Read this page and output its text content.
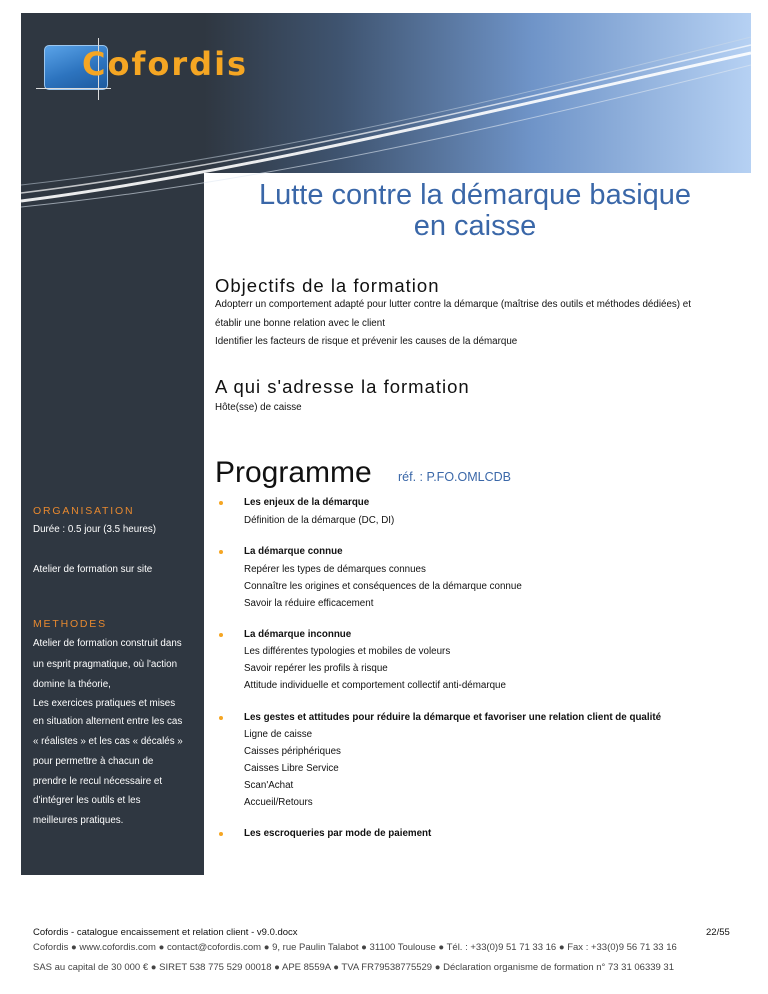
Cofordis
Lutte contre la démarque basique
en caisse
Objectifs de la formation
Adopterr un comportement adapté pour lutter contre la démarque (maîtrise des outils et méthodes dédiées) et
établir une bonne relation avec le client
Identifier les facteurs de risque et prévenir les causes de la démarque
A qui s'adresse la formation
Hôte(sse) de caisse
Programme réf. : P.FO.OMLCDB
Les enjeux de la démarque
Définition de la démarque (DC, DI)
La démarque connue
Repérer les types de démarques connues
Connaître les origines et conséquences de la démarque connue
Savoir la réduire efficacement
La démarque inconnue
Les différentes typologies et mobiles de voleurs
Savoir repérer les profils à risque
Attitude individuelle et comportement collectif anti-démarque
Les gestes et attitudes pour réduire la démarque et favoriser une relation client de qualité
Ligne de caisse
Caisses périphériques
Caisses Libre Service
Scan'Achat
Accueil/Retours
Les escroqueries par mode de paiement
ORGANISATION
Durée : 0.5 jour (3.5 heures)
Atelier de formation sur site
METHODES
Atelier de formation construit dans
un esprit pragmatique, où l'action
domine la théorie,
Les exercices pratiques et mises
en situation alternent entre les cas
« réalistes » et les cas « décalés »
pour permettre à chacun de
prendre le recul nécessaire et
d'intégrer les outils et les
meilleures pratiques.
Cofordis - catalogue encaissement et relation client - v9.0.docx	22/55
Cofordis ● www.cofordis.com ● contact@cofordis.com ● 9, rue Paulin Talabot ● 31100 Toulouse ● Tél. : +33(0)9 51 71 33 16 ● Fax : +33(0)9 56 71 33 16
SAS au capital de 30 000 € ● SIRET 538 775 529 00018 ● APE 8559A ● TVA FR79538775529 ● Déclaration organisme de formation n° 73 31 06339 31
